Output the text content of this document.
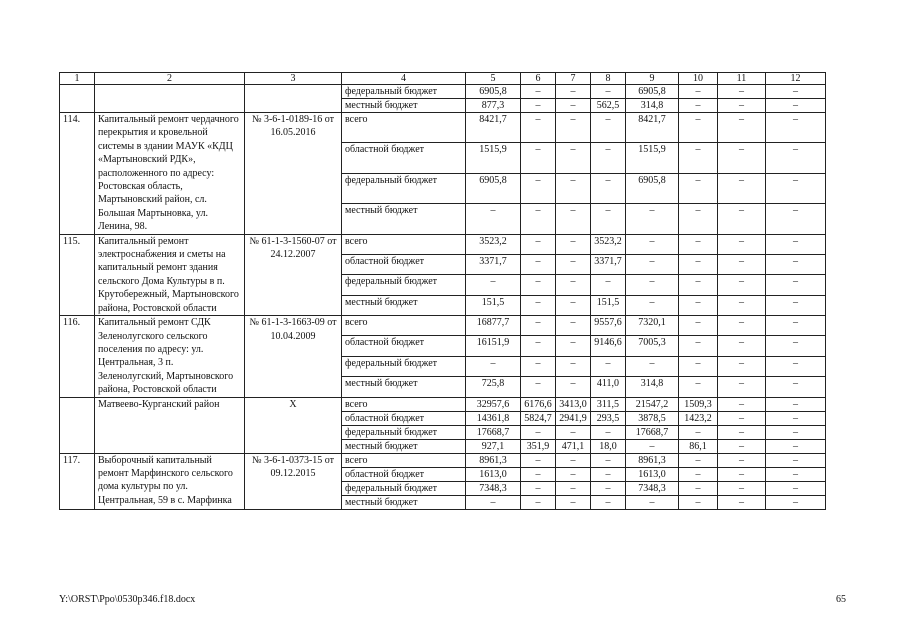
1	2	3	4	5	6	7	8	9	10	11	12
			федеральный бюджет	6905,8	–	–	–	6905,8	–	–	–
			местный бюджет	877,3	–	–	562,5	314,8	–	–	–
114.	Капитальный ремонт чердачного перекрытия и кровельной системы в здании МАУК «КДЦ «Мартыновский РДК», расположенного по адресу: Ростовская область, Мартыновский район, сл. Большая Мартыновка, ул. Ленина, 98.	№ 3-6-1-0189-16 от 16.05.2016	всего	8421,7	–	–	–	8421,7	–	–	–
			областной бюджет	1515,9	–	–	–	1515,9	–	–	–
			федеральный бюджет	6905,8	–	–	–	6905,8	–	–	–
			местный бюджет	–	–	–	–	–	–	–	–
115.	Капитальный ремонт электроснабжения и сметы на капитальный ремонт здания сельского Дома Культуры в п. Крутобережный, Мартыновского района, Ростовской области	№ 61-1-3-1560-07 от 24.12.2007	всего	3523,2	–	–	3523,2	–	–	–	–
			областной бюджет	3371,7	–	–	3371,7	–	–	–	–
			федеральный бюджет	–	–	–	–	–	–	–	–
			местный бюджет	151,5	–	–	151,5	–	–	–	–
116.	Капитальный ремонт СДК Зеленолугского сельского поселения по адресу: ул. Центральная, 3 п. Зеленолугский, Мартыновского района, Ростовской области	№ 61-1-3-1663-09 от 10.04.2009	всего	16877,7	–	–	9557,6	7320,1	–	–	–
			областной бюджет	16151,9	–	–	9146,6	7005,3	–	–	–
			федеральный бюджет	–	–	–	–	–	–	–	–
			местный бюджет	725,8	–	–	411,0	314,8	–	–	–
	Матвеево-Курганский район	Х	всего	32957,6	6176,6	3413,0	311,5	21547,2	1509,3	–	–
			областной бюджет	14361,8	5824,7	2941,9	293,5	3878,5	1423,2	–	–
			федеральный бюджет	17668,7	–	–	–	17668,7	–	–	–
			местный бюджет	927,1	351,9	471,1	18,0	–	86,1	–	–
117.	Выборочный капитальный ремонт Марфинского сельского дома культуры по ул. Центральная, 59 в с. Марфинка	№ 3-6-1-0373-15 от 09.12.2015	всего	8961,3	–	–	–	8961,3	–	–	–
			областной бюджет	1613,0	–	–	–	1613,0	–	–	–
			федеральный бюджет	7348,3	–	–	–	7348,3	–	–	–
			местный бюджет	–	–	–	–	–	–	–	–
Y:\ORST\Ppo\0530p346.f18.docx	65
